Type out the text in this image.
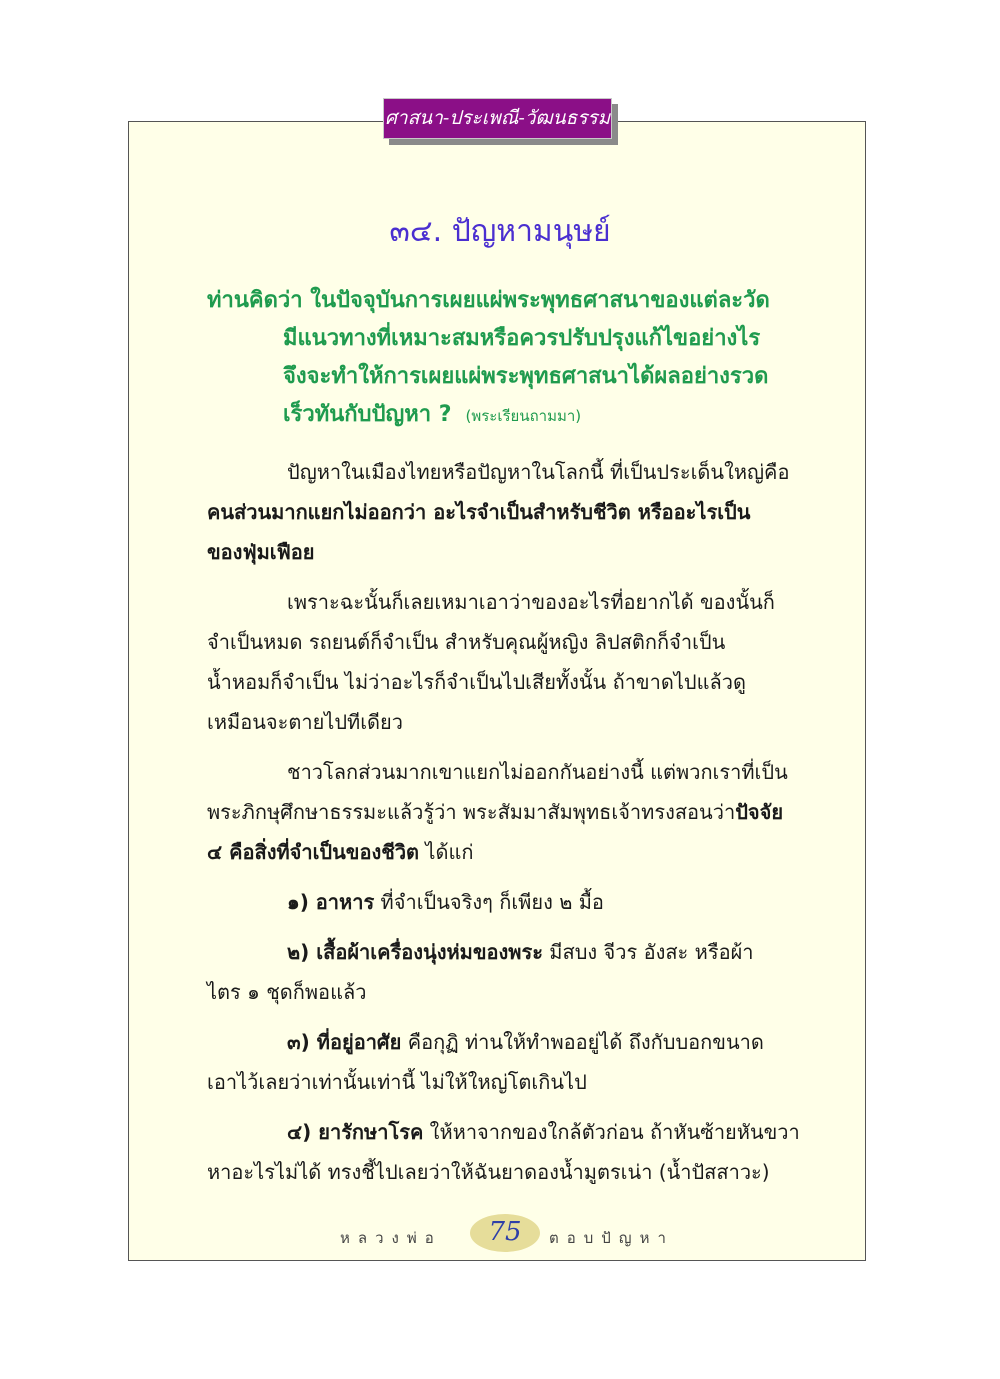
ศาสนา-ประเพณี-วัฒนธรรม
๓๔. ปัญหามนุษย์
ท่านคิดว่า ในปัจจุบันการเผยแผ่พระพุทธศาสนาของแต่ละวัด
มีแนวทางที่เหมาะสมหรือควรปรับปรุงแก้ไขอย่างไร
จึงจะทำให้การเผยแผ่พระพุทธศาสนาได้ผลอย่างรวด
เร็วทันกับปัญหา ? (พระเรียนถามมา)
ปัญหาในเมืองไทยหรือปัญหาในโลกนี้ ที่เป็นประเด็นใหญ่คือ
คนส่วนมากแยกไม่ออกว่า อะไรจำเป็นสำหรับชีวิต หรืออะไรเป็น
ของฟุ่มเฟือย
เพราะฉะนั้นก็เลยเหมาเอาว่าของอะไรที่อยากได้ ของนั้นก็
จำเป็นหมด รถยนต์ก็จำเป็น สำหรับคุณผู้หญิง ลิปสติกก็จำเป็น
น้ำหอมก็จำเป็น ไม่ว่าอะไรก็จำเป็นไปเสียทั้งนั้น ถ้าขาดไปแล้วดู
เหมือนจะตายไปทีเดียว
ชาวโลกส่วนมากเขาแยกไม่ออกกันอย่างนี้ แต่พวกเราที่เป็น
พระภิกษุศึกษาธรรมะแล้วรู้ว่า พระสัมมาสัมพุทธเจ้าทรงสอนว่าปัจจัย
๔ คือสิ่งที่จำเป็นของชีวิต ได้แก่
๑) อาหาร ที่จำเป็นจริงๆ ก็เพียง ๒ มื้อ
๒) เสื้อผ้าเครื่องนุ่งห่มของพระ มีสบง จีวร อังสะ หรือผ้า
ไตร ๑ ชุดก็พอแล้ว
๓) ที่อยู่อาศัย คือกุฏิ ท่านให้ทำพออยู่ได้ ถึงกับบอกขนาด
เอาไว้เลยว่าเท่านั้นเท่านี้ ไม่ให้ใหญ่โตเกินไป
๔) ยารักษาโรค ให้หาจากของใกล้ตัวก่อน ถ้าหันซ้ายหันขวา
หาอะไรไม่ได้ ทรงชี้ไปเลยว่าให้ฉันยาดองน้ำมูตรเน่า (น้ำปัสสาวะ)
หลวงพ่อ	75	ตอบปัญหา
